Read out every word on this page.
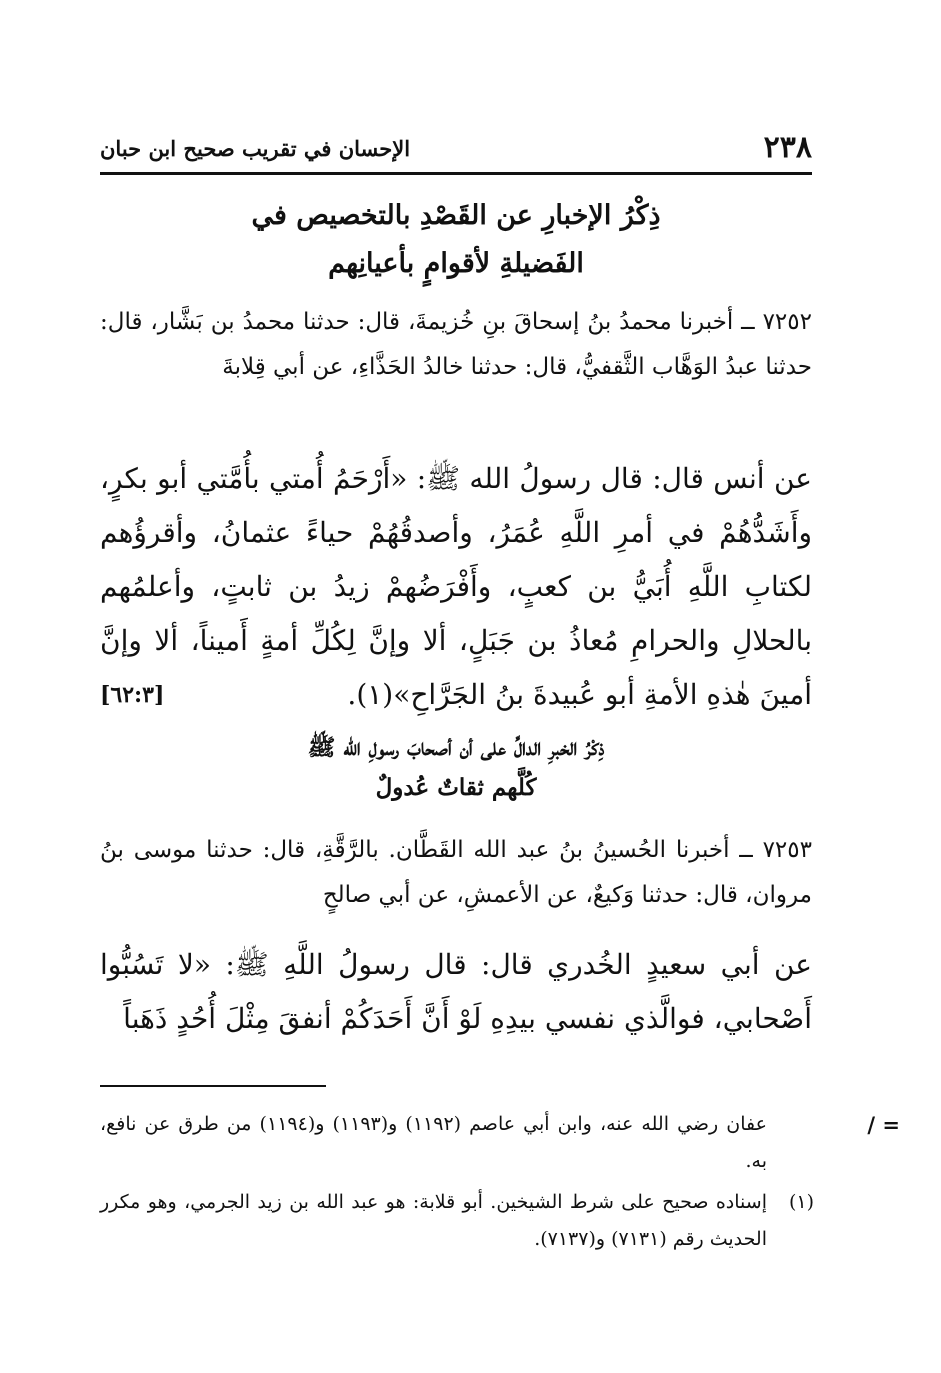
٢٣٨
الإحسان في تقريب صحيح ابن حبان
ذِكْرُ الإخبارِ عن القَصْدِ بالتخصيص في
الفَضيلةِ لأقوامٍ بأعيانِهم

٧٢٥٢ ــ أخبرنا محمدُ بنُ إسحاقَ بنِ خُزيمةَ، قال: حدثنا محمدُ بن بَشَّار، قال: حدثنا عبدُ الوَهَّاب الثَّقفيُّ، قال: حدثنا خالدُ الحَذَّاءِ، عن أبي قِلابةَ

عن أنس قال: قال رسولُ الله ﷺ: «أَرْحَمُ أُمتي بأُمَّتي أبو بكرٍ، وأَشَدُّهُمْ في أمرِ اللَّهِ عُمَرُ، وأصدقُهُمْ حياءً عثمانُ، وأقرؤُهم لكتابِ اللَّهِ أُبَيُّ بن كعبٍ، وأَفْرَضُهمْ زيدُ بن ثابتٍ، وأعلمُهم بالحلالِ والحرامِ مُعاذُ بن جَبَلٍ، ألا وإنَّ لِكُلِّ أمةٍ أَميناً، ألا وإنَّ أمينَ هٰذهِ الأمةِ أبو عُبيدةَ بنُ الجَرَّاحِ»(١).
[٦٢:٣]
ذِكْرُ الخبرِ الدالِّ على أن أصحابَ رسولِ الله ﷺ
كُلَّهم ثقاتٌ عُدولٌ

٧٢٥٣ ــ أخبرنا الحُسينُ بنُ عبد الله القَطَّان. بالرَّقَّةِ، قال: حدثنا موسى بنُ مروان، قال: حدثنا وَكيعٌ، عن الأعمشِ، عن أبي صالحٍ

عن أبي سعيدٍ الخُدري قال: قال رسولُ اللَّهِ ﷺ: «لا تَسُبُّوا أَصْحابي، فوالَّذي نفسي بيدِهِ لَوْ أَنَّ أَحَدَكُمْ أنفقَ مِثْلَ أُحُدٍ ذَهَباً

= /
عفان رضي الله عنه، وابن أبي عاصم (١١٩٢) و(١١٩٣) و(١١٩٤) من طرق عن نافع، به.
(١)
إسناده صحيح على شرط الشيخين. أبو قلابة: هو عبد الله بن زيد الجرمي، وهو مكرر الحديث رقم (٧١٣١) و(٧١٣٧).
